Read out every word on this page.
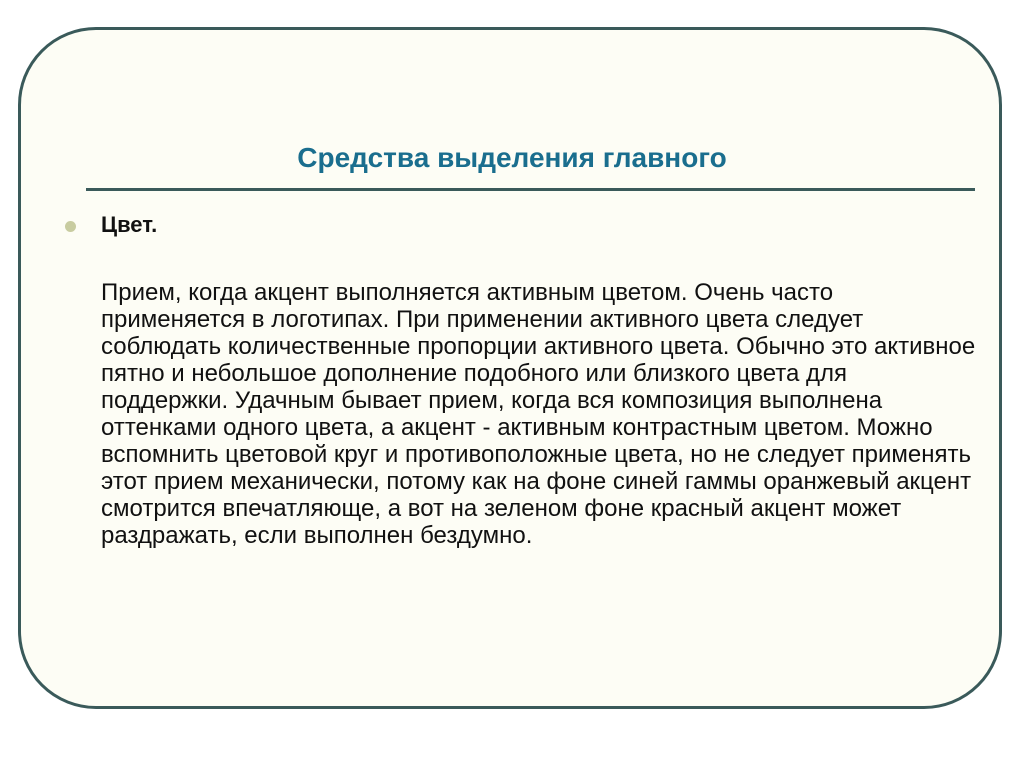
Средства выделения главного
Цвет.
Прием, когда акцент выполняется активным цветом. Очень часто применяется в логотипах. При применении активного цвета следует соблюдать количественные пропорции активного цвета. Обычно это активное пятно и небольшое дополнение подобного или близкого цвета для поддержки. Удачным бывает прием, когда вся композиция выполнена оттенками одного цвета, а акцент - активным контрастным цветом. Можно вспомнить цветовой круг и противоположные цвета, но не следует применять этот прием механически, потому как на фоне синей гаммы оранжевый акцент смотрится впечатляюще, а вот на зеленом фоне красный акцент может раздражать, если выполнен бездумно.
